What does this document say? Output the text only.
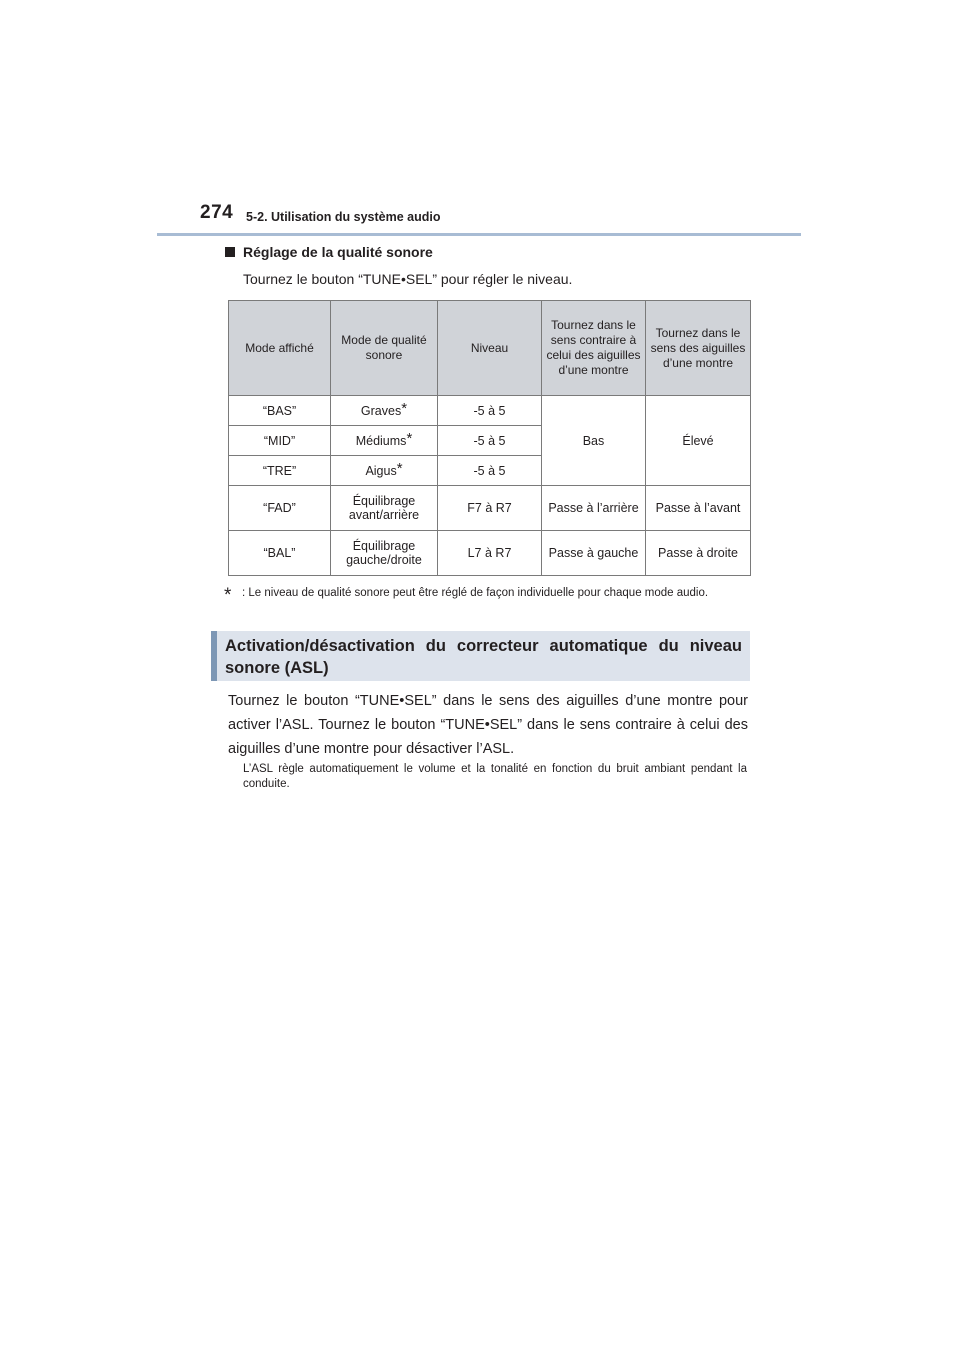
274 5-2. Utilisation du système audio
Réglage de la qualité sonore
Tournez le bouton “TUNE•SEL” pour régler le niveau.
Mode affiché	Mode de qualité sonore	Niveau	Tournez dans le sens contraire à celui des aiguilles d’une montre	Tournez dans le sens des aiguilles d’une montre
“BAS”	Graves*	-5 à 5	Bas	Élevé
“MID”	Médiums*	-5 à 5		
“TRE”	Aigus*	-5 à 5		
“FAD”	Équilibrage avant/arrière	F7 à R7	Passe à l’arrière	Passe à l’avant
“BAL”	Équilibrage gauche/droite	L7 à R7	Passe à gauche	Passe à droite
* : Le niveau de qualité sonore peut être réglé de façon individuelle pour chaque mode audio.
Activation/désactivation du correcteur automatique du niveau sonore (ASL)
Tournez le bouton “TUNE•SEL” dans le sens des aiguilles d’une montre pour activer l’ASL. Tournez le bouton “TUNE•SEL” dans le sens contraire à celui des aiguilles d’une montre pour désactiver l’ASL.
L’ASL règle automatiquement le volume et la tonalité en fonction du bruit ambiant pendant la conduite.
